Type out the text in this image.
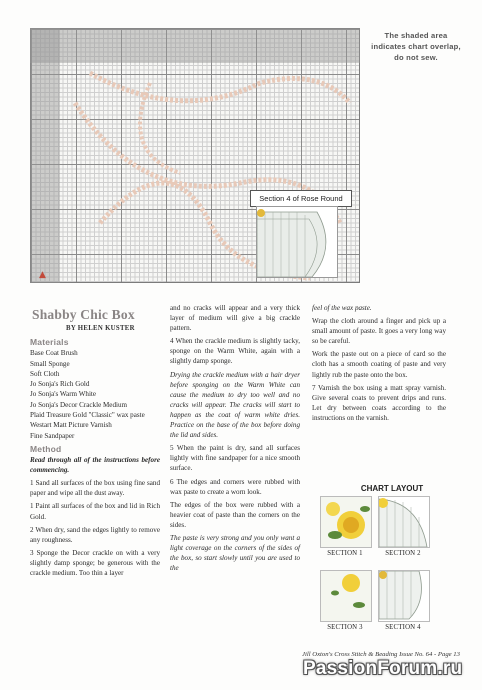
The shaded area indicates chart overlap, do not sew.
Section 4 of Rose Round
▲
Shabby Chic Box
BY HELEN KUSTER
Materials
Base Coat Brush
Small Sponge
Soft Cloth
Jo Sonja's Rich Gold
Jo Sonja's Warm White
Jo Sonja's Decor Crackle Medium
Plaid Treasure Gold "Classic" wax paste
Westart Matt Picture Varnish
Fine Sandpaper
Method

Read through all of the instructions before commencing.

1 Sand all surfaces of the box using fine sand paper and wipe all the dust away.

1 Paint all surfaces of the box and lid in Rich Gold.

2 When dry, sand the edges lightly to remove any roughness.

3 Sponge the Decor crackle on with a very slightly damp sponge; be generous with the crackle medium. Too thin a layer

and no cracks will appear and a very thick layer of medium will give a big crackle pattern.

4 When the crackle medium is slightly tacky, sponge on the Warm White, again with a slightly damp sponge.

Drying the crackle medium with a hair dryer before sponging on the Warm White can cause the medium to dry too well and no cracks will appear. The cracks will start to happen as the coat of warm white dries. Practice on the base of the box before doing the lid and sides.

5 When the paint is dry, sand all surfaces lightly with fine sandpaper for a nice smooth surface.

6 The edges and corners were rubbed with wax paste to create a worn look.

The edges of the box were rubbed with a heavier coat of paste than the corners on the sides.

The paste is very strong and you only want a light coverage on the corners of the sides of the box, so start slowly until you are used to the

feel of the wax paste.

Wrap the cloth around a finger and pick up a small amount of paste. It goes a very long way so be careful.

Work the paste out on a piece of card so the cloth has a smooth coating of paste and very lightly rub the paste onto the box.

7 Varnish the box using a matt spray varnish. Give several coats to prevent drips and runs. Let dry between coats according to the instructions on the varnish.

CHART LAYOUT
SECTION 1	SECTION 2
SECTION 3	SECTION 4
Jill Oxton's Cross Stitch & Beading Issue No. 64 - Page 13
PassionForum.ru
